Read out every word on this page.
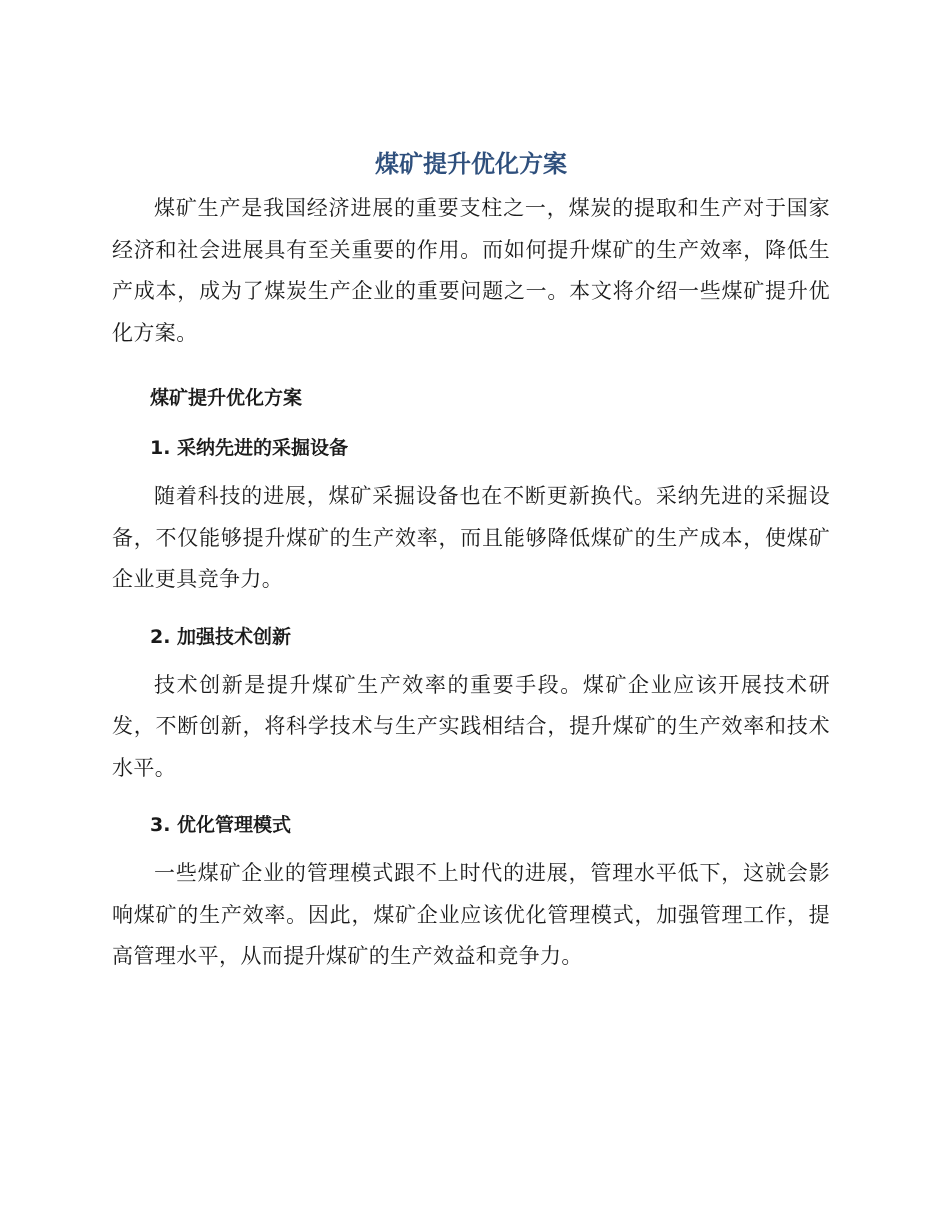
煤矿提升优化方案

煤矿生产是我国经济进展的重要支柱之一，煤炭的提取和生产对于国家经济和社会进展具有至关重要的作用。而如何提升煤矿的生产效率，降低生产成本，成为了煤炭生产企业的重要问题之一。本文将介绍一些煤矿提升优化方案。

煤矿提升优化方案
1. 采纳先进的采掘设备

随着科技的进展，煤矿采掘设备也在不断更新换代。采纳先进的采掘设备，不仅能够提升煤矿的生产效率，而且能够降低煤矿的生产成本，使煤矿企业更具竞争力。

2. 加强技术创新

技术创新是提升煤矿生产效率的重要手段。煤矿企业应该开展技术研发，不断创新，将科学技术与生产实践相结合，提升煤矿的生产效率和技术水平。

3. 优化管理模式

一些煤矿企业的管理模式跟不上时代的进展，管理水平低下，这就会影响煤矿的生产效率。因此，煤矿企业应该优化管理模式，加强管理工作，提高管理水平，从而提升煤矿的生产效益和竞争力。
